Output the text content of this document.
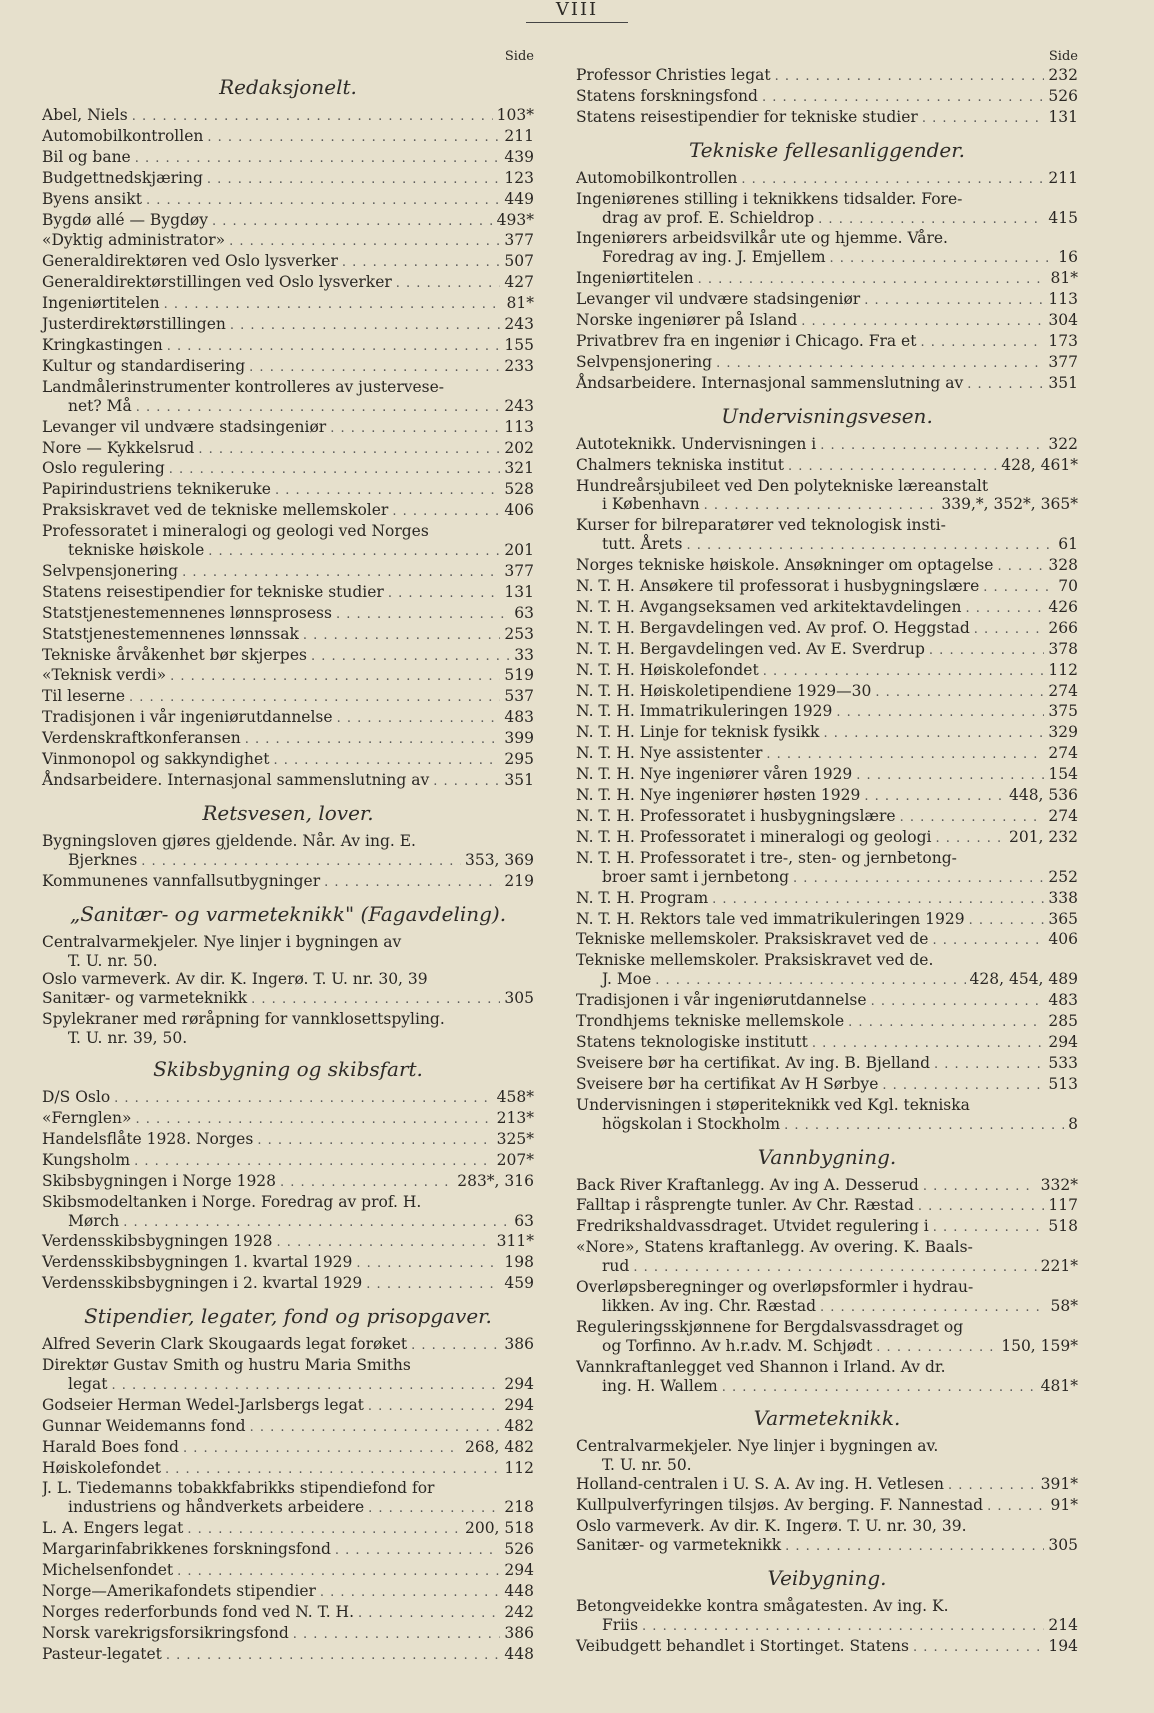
VIII
Side
Redaksjonelt.
Abel, Niels . . .	103*
Automobilkontrollen . . .	211
Bil og bane . . .	439
Budgettnedskjæring . . .	123
Byens ansikt . . .	449
Bygdø allé — Bygdøy . . .	493*
«Dyktig administrator» . . .	377
Generaldirektøren ved Oslo lysverker . . .	507
Generaldirektørstillingen ved Oslo lysverker . . .	427
Ingeniørtitelen . . .	81*
Justerdirektørstillingen . . .	243
Kringkastingen . . .	155
Kultur og standardisering . . .	233
Landmålerinstrumenter kontrolleres av justervese-
net? Må . . .	243
Levanger vil undvære stadsingeniør . . .	113
Nore — Kykkelsrud . . .	202
Oslo regulering . . .	321
Papirindustriens teknikeruke . . .	528
Praksiskravet ved de tekniske mellemskoler . . .	406
Professoratet i mineralogi og geologi ved Norges
tekniske høiskole . . .	201
Selvpensjonering . . .	377
Statens reisestipendier for tekniske studier . . .	131
Statstjenestemennenes lønnsprosess . . .	63
Statstjenestemennenes lønnssak . . .	253
Tekniske årvåkenhet bør skjerpes . . .	33
«Teknisk verdi» . . .	519
Til leserne . . .	537
Tradisjonen i vår ingeniørutdannelse . . .	483
Verdenskraftkonferansen . . .	399
Vinmonopol og sakkyndighet . . .	295
Åndsarbeidere. Internasjonal sammenslutning av . . .	351
Retsvesen, lover.
Bygningsloven gjøres gjeldende. Når. Av ing. E.
Bjerknes . . .	353, 369
Kommunenes vannfallsutbygninger . . .	219
„Sanitær- og varmeteknikk" (Fagavdeling).
Centralvarmekjeler. Nye linjer i bygningen av
T. U. nr. 50.
Oslo varmeverk. Av dir. K. Ingerø. T. U. nr. 30, 39
Sanitær- og varmeteknikk . . .	305
Spylekraner med røråpning for vannklosettspyling.
T. U. nr. 39, 50.
Skibsbygning og skibsfart.
D/S Oslo . . .	458*
«Fernglen» . . .	213*
Handelsflåte 1928. Norges . . .	325*
Kungsholm . . .	207*
Skibsbygningen i Norge 1928 . . .	283*, 316
Skibsmodeltanken i Norge. Foredrag av prof. H.
Mørch . . .	63
Verdensskibsbygningen 1928 . . .	311*
Verdensskibsbygningen 1. kvartal 1929 . . .	198
Verdensskibsbygningen i 2. kvartal 1929 . . .	459
Stipendier, legater, fond og prisopgaver.
Alfred Severin Clark Skougaards legat forøket . . .	386
Direktør Gustav Smith og hustru Maria Smiths
legat . . .	294
Godseier Herman Wedel-Jarlsbergs legat . . .	294
Gunnar Weidemanns fond . . .	482
Harald Boes fond . . .	268, 482
Høiskolefondet . . .	112
J. L. Tiedemanns tobakkfabrikks stipendiefond for
industriens og håndverkets arbeidere . . .	218
L. A. Engers legat . . .	200, 518
Margarinfabrikkenes forskningsfond . . .	526
Michelsenfondet . . .	294
Norge—Amerikafondets stipendier . . .	448
Norges rederforbunds fond ved N. T. H. . . .	242
Norsk varekrigsforsikringsfond . . .	386
Pasteur-legatet . . .	448
Side
Professor Christies legat . . .	232
Statens forskningsfond . . .	526
Statens reisestipendier for tekniske studier . . .	131
Tekniske fellesanliggender.
Automobilkontrollen . . .	211
Ingeniørenes stilling i teknikkens tidsalder. Fore-
drag av prof. E. Schieldrop . . .	415
Ingeniørers arbeidsvilkår ute og hjemme. Våre.
Foredrag av ing. J. Emjellem . . .	16
Ingeniørtitelen . . .	81*
Levanger vil undvære stadsingeniør . . .	113
Norske ingeniører på Island . . .	304
Privatbrev fra en ingeniør i Chicago. Fra et . . .	173
Selvpensjonering . . .	377
Åndsarbeidere. Internasjonal sammenslutning av . . .	351
Undervisningsvesen.
Autoteknikk. Undervisningen i . . .	322
Chalmers tekniska institut . . .	428, 461*
Hundreårsjubileet ved Den polytekniske læreanstalt
i København . . .	339,*, 352*, 365*
Kurser for bilreparatører ved teknologisk insti-
tutt. Årets . . .	61
Norges tekniske høiskole. Ansøkninger om optagelse . . .	328
N. T. H. Ansøkere til professorat i husbygningslære . . .	70
N. T. H. Avgangseksamen ved arkitektavdelingen . . .	426
N. T. H. Bergavdelingen ved. Av prof. O. Heggstad . . .	266
N. T. H. Bergavdelingen ved. Av E. Sverdrup . . .	378
N. T. H. Høiskolefondet . . .	112
N. T. H. Høiskoletipendiene 1929—30 . . .	274
N. T. H. Immatrikuleringen 1929 . . .	375
N. T. H. Linje for teknisk fysikk . . .	329
N. T. H. Nye assistenter . . .	274
N. T. H. Nye ingeniører våren 1929 . . .	154
N. T. H. Nye ingeniører høsten 1929 . . .	448, 536
N. T. H. Professoratet i husbygningslære . . .	274
N. T. H. Professoratet i mineralogi og geologi . . .	201, 232
N. T. H. Professoratet i tre-, sten- og jernbetong-
broer samt i jernbetong . . .	252
N. T. H. Program . . .	338
N. T. H. Rektors tale ved immatrikuleringen 1929 . . .	365
Tekniske mellemskoler. Praksiskravet ved de . . .	406
Tekniske mellemskoler. Praksiskravet ved de.
J. Moe . . .	428, 454, 489
Tradisjonen i vår ingeniørutdannelse . . .	483
Trondhjems tekniske mellemskole . . .	285
Statens teknologiske institutt . . .	294
Sveisere bør ha certifikat. Av ing. B. Bjelland . . .	533
Sveisere bør ha certifikat Av H Sørbye . . .	513
Undervisningen i støperiteknikk ved Kgl. tekniska
högskolan i Stockholm . . .	8
Vannbygning.
Back River Kraftanlegg. Av ing A. Desserud . . .	332*
Falltap i råsprengte tunler. Av Chr. Ræstad . . .	117
Fredrikshaldvassdraget. Utvidet regulering i . . .	518
«Nore», Statens kraftanlegg. Av overing. K. Baals-
rud . . .	221*
Overløpsberegninger og overløpsformler i hydrau-
likken. Av ing. Chr. Ræstad . . .	58*
Reguleringsskjønnene for Bergdalsvassdraget og
og Torfinno. Av h.r.adv. M. Schjødt . . .	150, 159*
Vannkraftanlegget ved Shannon i Irland. Av dr.
ing. H. Wallem . . .	481*
Varmeteknikk.
Centralvarmekjeler. Nye linjer i bygningen av.
T. U. nr. 50.
Holland-centralen i U. S. A. Av ing. H. Vetlesen . . .	391*
Kullpulverfyringen tilsjøs. Av berging. F. Nannestad . . .	91*
Oslo varmeverk. Av dir. K. Ingerø. T. U. nr. 30, 39.
Sanitær- og varmeteknikk . . .	305
Veibygning.
Betongveidekke kontra smågatesten. Av ing. K.
Friis . . .	214
Veibudgett behandlet i Stortinget. Statens . . .	194
